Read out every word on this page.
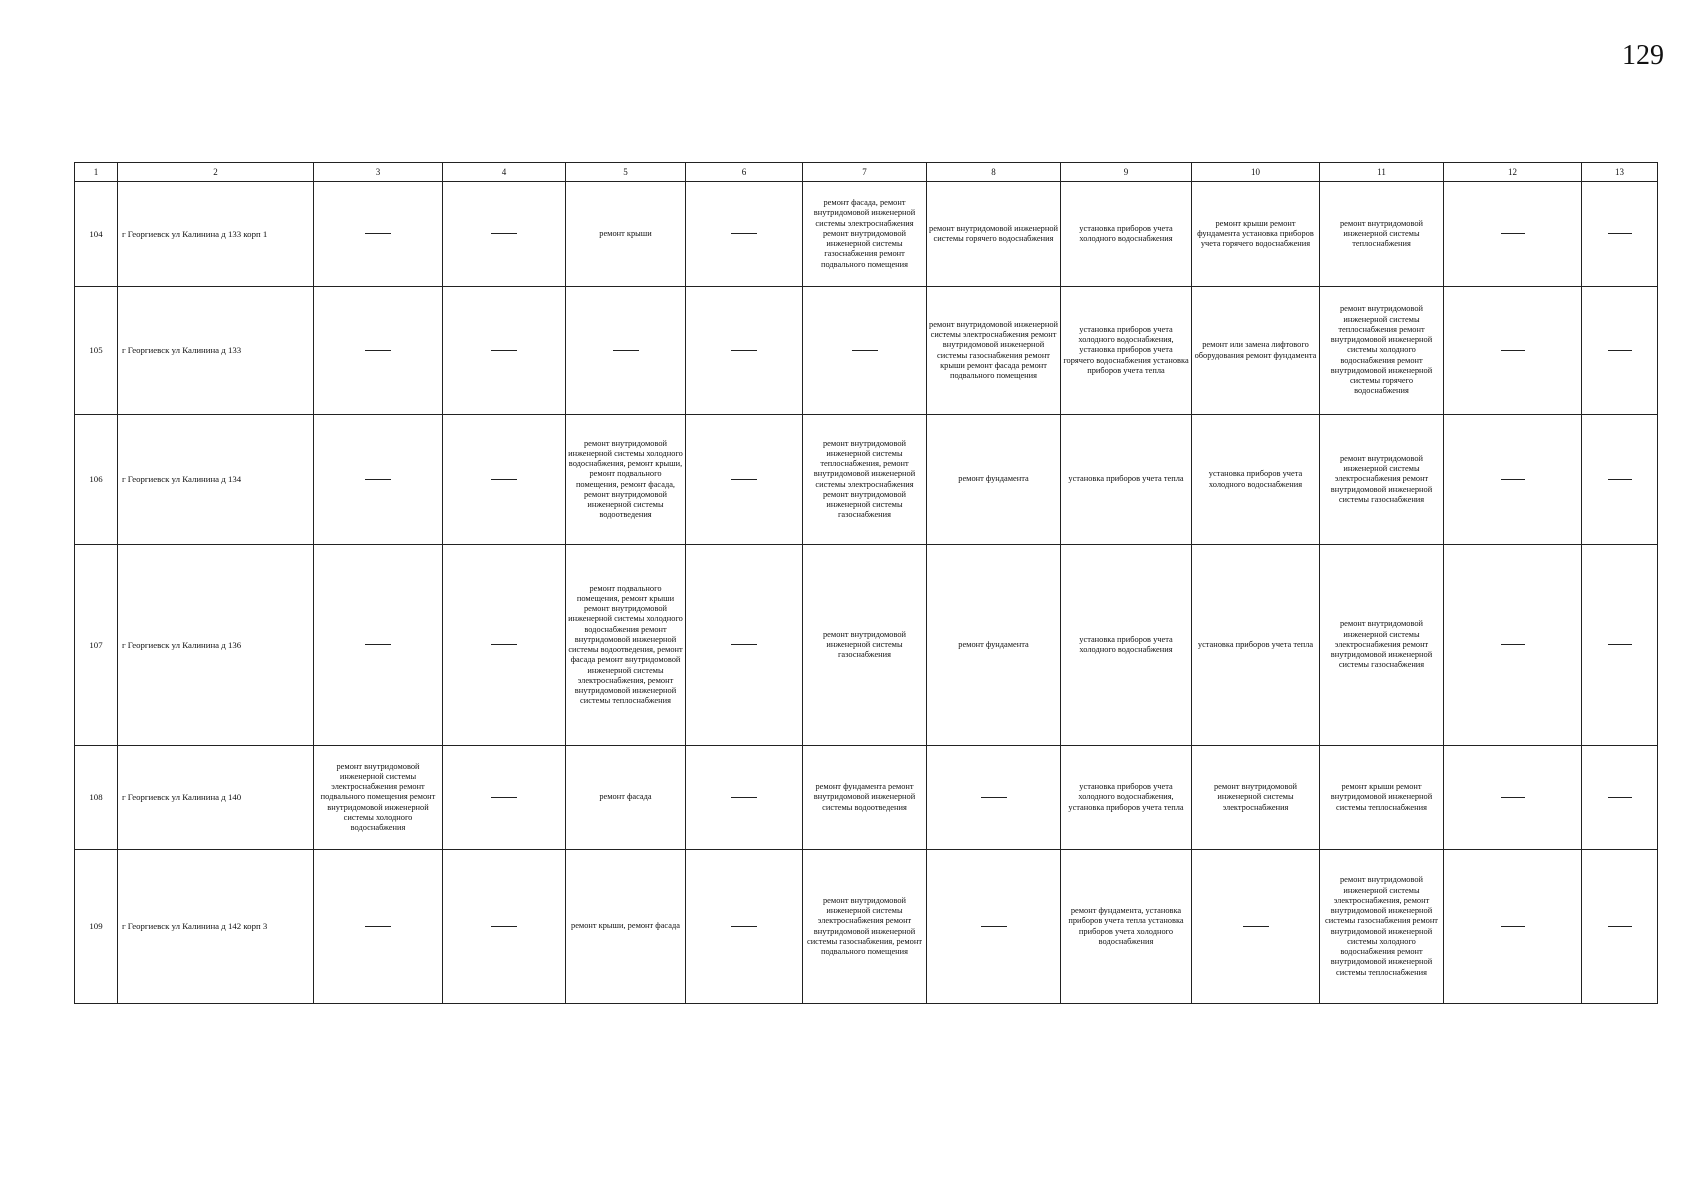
129
1	2	3	4	5	6	7	8	9	10	11	12	13
104	г Георгиевск ул Калинина д 133 корп 1			ремонт крыши		ремонт фасада, ремонт внутридомовой инженерной системы электроснабжения ремонт внутридомовой инженерной системы газоснабжения ремонт подвального помещения	ремонт внутридомовой инженерной системы горячего водоснабжения	установка приборов учета холодного водоснабжения	ремонт крыши ремонт фундамента установка приборов учета горячего водоснабжения	ремонт внутридомовой инженерной системы теплоснабжения		
105	г Георгиевск ул Калинина д 133						ремонт внутридомовой инженерной системы электроснабжения ремонт внутридомовой инженерной системы газоснабжения ремонт крыши ремонт фасада ремонт подвального помещения	установка приборов учета холодного водоснабжения, установка приборов учета горячего водоснабжения установка приборов учета тепла	ремонт или замена лифтового оборудования ремонт фундамента	ремонт внутридомовой инженерной системы теплоснабжения ремонт внутридомовой инженерной системы холодного водоснабжения ремонт внутридомовой инженерной системы горячего водоснабжения		
106	г Георгиевск ул Калинина д 134			ремонт внутридомовой инженерной системы холодного водоснабжения, ремонт крыши, ремонт подвального помещения, ремонт фасада, ремонт внутридомовой инженерной системы водоотведения		ремонт внутридомовой инженерной системы теплоснабжения, ремонт внутридомовой инженерной системы электроснабжения ремонт внутридомовой инженерной системы газоснабжения	ремонт фундамента	установка приборов учета тепла	установка приборов учета холодного водоснабжения	ремонт внутридомовой инженерной системы электроснабжения ремонт внутридомовой инженерной системы газоснабжения		
107	г Георгиевск ул Калинина д 136			ремонт подвального помещения, ремонт крыши ремонт внутридомовой инженерной системы холодного водоснабжения ремонт внутридомовой инженерной системы водоотведения, ремонт фасада ремонт внутридомовой инженерной системы электроснабжения, ремонт внутридомовой инженерной системы теплоснабжения		ремонт внутридомовой инженерной системы газоснабжения	ремонт фундамента	установка приборов учета холодного водоснабжения	установка приборов учета тепла	ремонт внутридомовой инженерной системы электроснабжения ремонт внутридомовой инженерной системы газоснабжения		
108	г Георгиевск ул Калинина д 140	ремонт внутридомовой инженерной системы электроснабжения ремонт подвального помещения ремонт внутридомовой инженерной системы холодного водоснабжения		ремонт фасада		ремонт фундамента ремонт внутридомовой инженерной системы водоотведения		установка приборов учета холодного водоснабжения, установка приборов учета тепла	ремонт внутридомовой инженерной системы электроснабжения	ремонт крыши ремонт внутридомовой инженерной системы теплоснабжения		
109	г Георгиевск ул Калинина д 142 корп 3			ремонт крыши, ремонт фасада		ремонт внутридомовой инженерной системы электроснабжения ремонт внутридомовой инженерной системы газоснабжения, ремонт подвального помещения		ремонт фундамента, установка приборов учета тепла установка приборов учета холодного водоснабжения		ремонт внутридомовой инженерной системы электроснабжения, ремонт внутридомовой инженерной системы газоснабжения ремонт внутридомовой инженерной системы холодного водоснабжения ремонт внутридомовой инженерной системы теплоснабжения		
